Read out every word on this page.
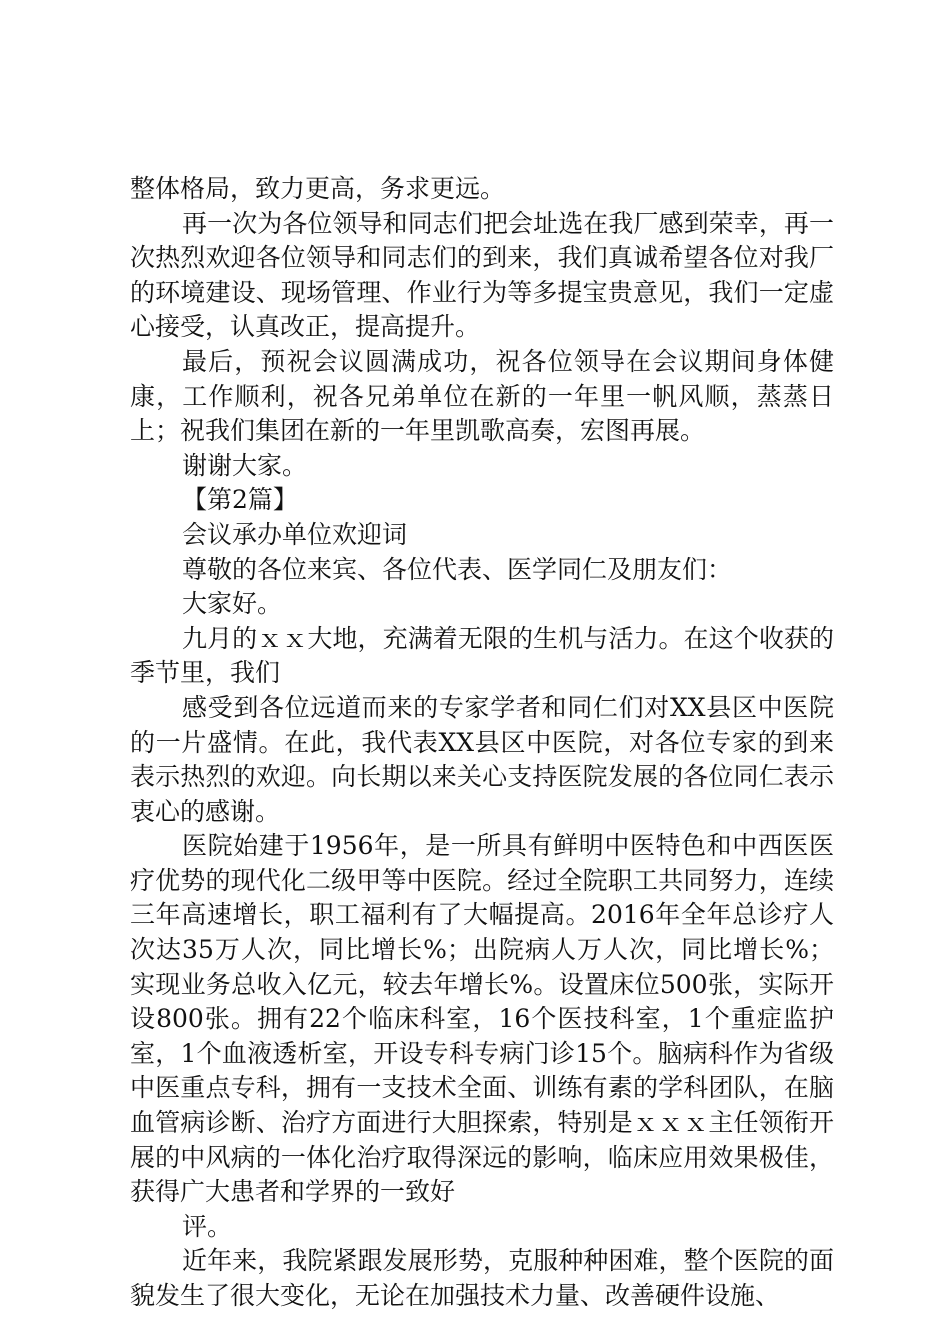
整体格局，致力更高，务求更远。

再一次为各位领导和同志们把会址选在我厂感到荣幸，再一次热烈欢迎各位领导和同志们的到来，我们真诚希望各位对我厂的环境建设、现场管理、作业行为等多提宝贵意见，我们一定虚心接受，认真改正，提高提升。

最后，预祝会议圆满成功，祝各位领导在会议期间身体健康，工作顺利，祝各兄弟单位在新的一年里一帆风顺，蒸蒸日上；祝我们集团在新的一年里凯歌高奏，宏图再展。

谢谢大家。

【第2篇】

会议承办单位欢迎词

尊敬的各位来宾、各位代表、医学同仁及朋友们：

大家好。

九月的ｘｘ大地，充满着无限的生机与活力。在这个收获的季节里，我们

感受到各位远道而来的专家学者和同仁们对XX县区中医院的一片盛情。在此，我代表XX县区中医院，对各位专家的到来表示热烈的欢迎。向长期以来关心支持医院发展的各位同仁表示衷心的感谢。

医院始建于1956年，是一所具有鲜明中医特色和中西医医疗优势的现代化二级甲等中医院。经过全院职工共同努力，连续三年高速增长，职工福利有了大幅提高。2016年全年总诊疗人次达35万人次，同比增长%；出院病人万人次，同比增长%；实现业务总收入亿元，较去年增长%。设置床位500张，实际开设800张。拥有22个临床科室，16个医技科室，1个重症监护室，1个血液透析室，开设专科专病门诊15个。脑病科作为省级中医重点专科，拥有一支技术全面、训练有素的学科团队，在脑血管病诊断、治疗方面进行大胆探索，特别是ｘｘｘ主任领衔开展的中风病的一体化治疗取得深远的影响，临床应用效果极佳，获得广大患者和学界的一致好

评。

近年来，我院紧跟发展形势，克服种种困难，整个医院的面貌发生了很大变化，无论在加强技术力量、改善硬件设施、
